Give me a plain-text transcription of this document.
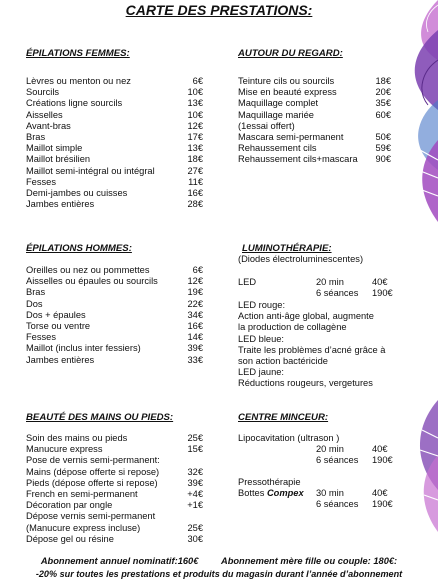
CARTE DES PRESTATIONS:
ÉPILATIONS FEMMES:
Lèvres ou menton ou nez	6€
Sourcils	10€
Créations ligne sourcils	13€
Aisselles	10€
Avant-bras	12€
Bras	17€
Maillot simple	13€
Maillot brésilien	18€
Maillot semi-intégral ou intégral	27€
Fesses	11€
Demi-jambes ou cuisses	16€
Jambes entières	28€
AUTOUR DU REGARD:
Teinture cils ou sourcils	18€
Mise en beauté express	20€
Maquillage complet	35€
Maquillage mariée	60€
(1essai offert)
Mascara semi-permanent	50€
Rehaussement cils	59€
Rehaussement cils+mascara 90€
ÉPILATIONS HOMMES:
Oreilles ou nez ou pommettes	6€
Aisselles ou épaules ou sourcils	12€
Bras	19€
Dos	22€
Dos + épaules	34€
Torse ou ventre	16€
Fesses	14€
Maillot (inclus inter fessiers)	39€
Jambes entières	33€
LUMINOTHÉRAPIE:
(Diodes électroluminescentes)
LED	20 min	40€
6 séances	190€
LED rouge:
Action anti-âge global, augmente
la production de collagène
LED bleue:
Traite les problèmes d’acné grâce à
son action bactéricide
LED jaune:
Réductions rougeurs, vergetures
BEAUTÉ DES MAINS OU PIEDS:
Soin des mains ou pieds	25€
Manucure express	15€
Pose de vernis semi-permanent:
Mains (dépose offerte si repose)	32€
Pieds (dépose offerte si repose)	39€
French en semi-permanent	+4€
Décoration par ongle	+1€
Dépose vernis semi-permanent
(Manucure express incluse)	25€
Dépose gel ou résine	30€
CENTRE MINCEUR:
Lipocavitation (ultrason )
20 min	40€
6 séances	190€
Pressothérapie
Bottes Compex	30 min	40€
6 séances	190€
Abonnement annuel nominatif:160€ Abonnement mère fille ou couple: 180€:
-20% sur toutes les prestations et produits du magasin durant l’année d’abonnement
